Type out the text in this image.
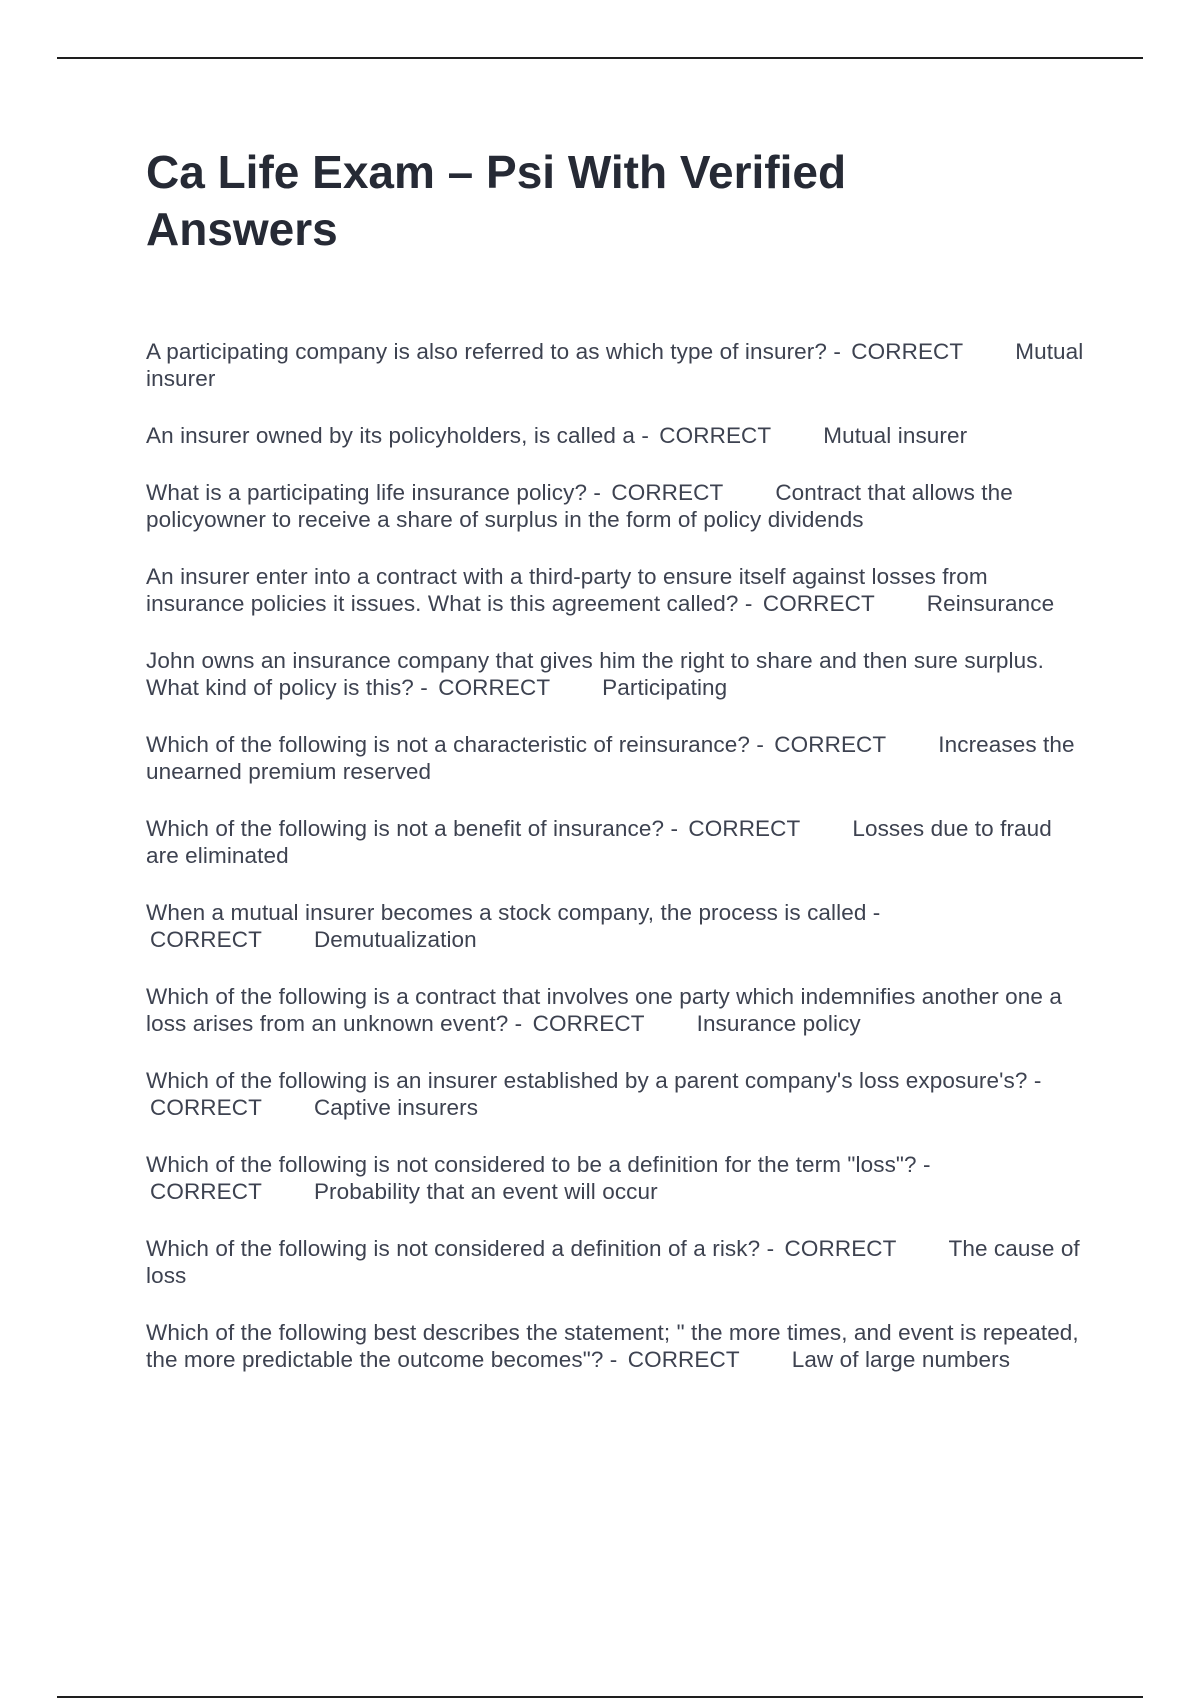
Ca Life Exam – Psi With Verified Answers
A participating company is also referred to as which type of insurer? - CORRECT Mutual insurer
An insurer owned by its policyholders, is called a - CORRECT Mutual insurer
What is a participating life insurance policy? - CORRECT Contract that allows the policyowner to receive a share of surplus in the form of policy dividends
An insurer enter into a contract with a third-party to ensure itself against losses from insurance policies it issues. What is this agreement called? - CORRECT Reinsurance
John owns an insurance company that gives him the right to share and then sure surplus. What kind of policy is this? - CORRECT Participating
Which of the following is not a characteristic of reinsurance? - CORRECT Increases the unearned premium reserved
Which of the following is not a benefit of insurance? - CORRECT Losses due to fraud are eliminated
When a mutual insurer becomes a stock company, the process is called - CORRECT Demutualization
Which of the following is a contract that involves one party which indemnifies another one a loss arises from an unknown event? - CORRECT Insurance policy
Which of the following is an insurer established by a parent company's loss exposure's? - CORRECT Captive insurers
Which of the following is not considered to be a definition for the term "loss"? - CORRECT Probability that an event will occur
Which of the following is not considered a definition of a risk? - CORRECT The cause of loss
Which of the following best describes the statement; " the more times, and event is repeated, the more predictable the outcome becomes"? - CORRECT Law of large numbers
